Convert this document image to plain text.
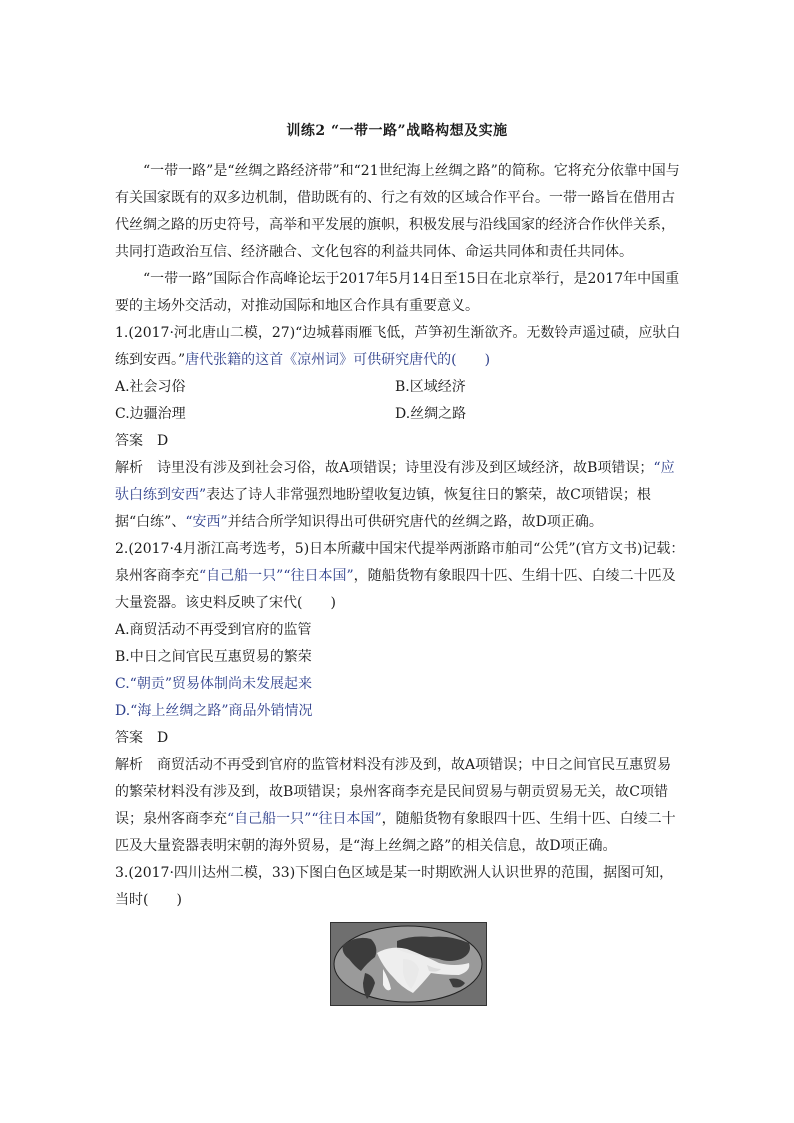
训练2 “一带一路”战略构想及实施

“一带一路”是“丝绸之路经济带”和“21世纪海上丝绸之路”的简称。它将充分依靠中国与有关国家既有的双多边机制，借助既有的、行之有效的区域合作平台。一带一路旨在借用古代丝绸之路的历史符号，高举和平发展的旗帜，积极发展与沿线国家的经济合作伙伴关系，共同打造政治互信、经济融合、文化包容的利益共同体、命运共同体和责任共同体。

“一带一路”国际合作高峰论坛于2017年5月14日至15日在北京举行，是2017年中国重要的主场外交活动，对推动国际和地区合作具有重要意义。

1.(2017·河北唐山二模，27)“边城暮雨雁飞低，芦笋初生渐欲齐。无数铃声遥过碛，应驮白练到安西。”唐代张籍的这首《凉州词》可供研究唐代的(　　)

A.社会习俗	B.区域经济
C.边疆治理	D.丝绸之路

答案 D

解析 诗里没有涉及到社会习俗，故A项错误；诗里没有涉及到区域经济，故B项错误；“应驮白练到安西”表达了诗人非常强烈地盼望收复边镇，恢复往日的繁荣，故C项错误；根据“白练”、“安西”并结合所学知识得出可供研究唐代的丝绸之路，故D项正确。

2.(2017·4月浙江高考选考，5)日本所藏中国宋代提举两浙路市舶司“公凭”(官方文书)记载：泉州客商李充“自己船一只”“往日本国”，随船货物有象眼四十匹、生绢十匹、白绫二十匹及大量瓷器。该史料反映了宋代(　　)

A.商贸活动不再受到官府的监管
B.中日之间官民互惠贸易的繁荣
C.“朝贡”贸易体制尚未发展起来
D.“海上丝绸之路”商品外销情况

答案 D

解析 商贸活动不再受到官府的监管材料没有涉及到，故A项错误；中日之间官民互惠贸易的繁荣材料没有涉及到，故B项错误；泉州客商李充是民间贸易与朝贡贸易无关，故C项错误；泉州客商李充“自己船一只”“往日本国”，随船货物有象眼四十匹、生绢十匹、白绫二十匹及大量瓷器表明宋朝的海外贸易，是“海上丝绸之路”的相关信息，故D项正确。

3.(2017·四川达州二模，33)下图白色区域是某一时期欧洲人认识世界的范围，据图可知，当时(　　)
